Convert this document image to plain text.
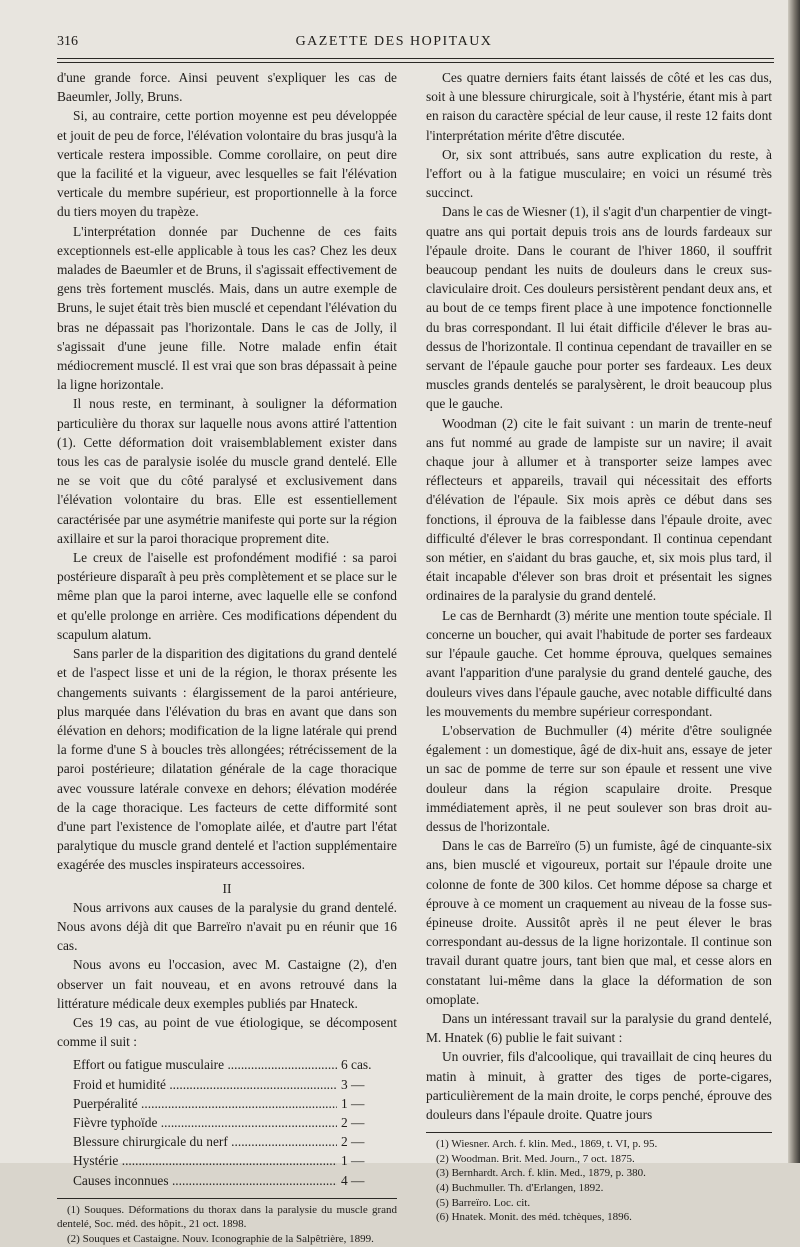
GAZETTE DES HOPITAUX
316

d'une grande force. Ainsi peuvent s'expliquer les cas de Baeumler, Jolly, Bruns.

Si, au contraire, cette portion moyenne est peu développée et jouit de peu de force, l'élévation volontaire du bras jusqu'à la verticale restera impossible. Comme corollaire, on peut dire que la facilité et la vigueur, avec lesquelles se fait l'élévation verticale du membre supérieur, est proportionnelle à la force du tiers moyen du trapèze.

L'interprétation donnée par Duchenne de ces faits exceptionnels est-elle applicable à tous les cas? Chez les deux malades de Baeumler et de Bruns, il s'agissait effectivement de gens très fortement musclés. Mais, dans un autre exemple de Bruns, le sujet était très bien musclé et cependant l'élévation du bras ne dépassait pas l'horizontale. Dans le cas de Jolly, il s'agissait d'une jeune fille. Notre malade enfin était médiocrement musclé. Il est vrai que son bras dépassait à peine la ligne horizontale.

Il nous reste, en terminant, à souligner la déformation particulière du thorax sur laquelle nous avons attiré l'attention (1). Cette déformation doit vraisemblablement exister dans tous les cas de paralysie isolée du muscle grand dentelé. Elle ne se voit que du côté paralysé et exclusivement dans l'élévation volontaire du bras. Elle est essentiellement caractérisée par une asymétrie manifeste qui porte sur la région axillaire et sur la paroi thoracique proprement dite.

Le creux de l'aiselle est profondément modifié : sa paroi postérieure disparaît à peu près complètement et se place sur le même plan que la paroi interne, avec laquelle elle se confond et qu'elle prolonge en arrière. Ces modifications dépendent du scapulum alatum.

Sans parler de la disparition des digitations du grand dentelé et de l'aspect lisse et uni de la région, le thorax présente les changements suivants : élargissement de la paroi antérieure, plus marquée dans l'élévation du bras en avant que dans son élévation en dehors; modification de la ligne latérale qui prend la forme d'une S à boucles très allongées; rétrécissement de la paroi postérieure; dilatation générale de la cage thoracique avec voussure latérale convexe en dehors; élévation modérée de la cage thoracique. Les facteurs de cette difformité sont d'une part l'existence de l'omoplate ailée, et d'autre part l'état paralytique du muscle grand dentelé et l'action supplémentaire exagérée des muscles inspirateurs accessoires.

II

Nous arrivons aux causes de la paralysie du grand dentelé. Nous avons déjà dit que Barreïro n'avait pu en réunir que 16 cas.

Nous avons eu l'occasion, avec M. Castaigne (2), d'en observer un fait nouveau, et en avons retrouvé dans la littérature médicale deux exemples publiés par Hnateck.

Ces 19 cas, au point de vue étiologique, se décomposent comme il suit :

Effort ou fatigue musculaire .....	6 cas.
Froid et humidité .....	3 —
Puerpéralité .....	1 —
Fièvre typhoïde .....	2 —
Blessure chirurgicale du nerf .....	2 —
Hystérie .....	1 —
Causes inconnues .....	4 —

(1) Souques. Déformations du thorax dans la paralysie du muscle grand dentelé, Soc. méd. des hôpit., 21 oct. 1898.

(2) Souques et Castaigne. Nouv. Iconographie de la Salpêtrière, 1899.

Ces quatre derniers faits étant laissés de côté et les cas dus, soit à une blessure chirurgicale, soit à l'hystérie, étant mis à part en raison du caractère spécial de leur cause, il reste 12 faits dont l'interprétation mérite d'être discutée.

Or, six sont attribués, sans autre explication du reste, à l'effort ou à la fatigue musculaire; en voici un résumé très succinct.

Dans le cas de Wiesner (1), il s'agit d'un charpentier de vingt-quatre ans qui portait depuis trois ans de lourds fardeaux sur l'épaule droite. Dans le courant de l'hiver 1860, il souffrit beaucoup pendant les nuits de douleurs dans le creux sus-claviculaire droit. Ces douleurs persistèrent pendant deux ans, et au bout de ce temps firent place à une impotence fonctionnelle du bras correspondant. Il lui était difficile d'élever le bras au-dessus de l'horizontale. Il continua cependant de travailler en se servant de l'épaule gauche pour porter ses fardeaux. Les deux muscles grands dentelés se paralysèrent, le droit beaucoup plus que le gauche.

Woodman (2) cite le fait suivant : un marin de trente-neuf ans fut nommé au grade de lampiste sur un navire; il avait chaque jour à allumer et à transporter seize lampes avec réflecteurs et appareils, travail qui nécessitait des efforts d'élévation de l'épaule. Six mois après ce début dans ses fonctions, il éprouva de la faiblesse dans l'épaule droite, avec difficulté d'élever le bras correspondant. Il continua cependant son métier, en s'aidant du bras gauche, et, six mois plus tard, il était incapable d'élever son bras droit et présentait les signes ordinaires de la paralysie du grand dentelé.

Le cas de Bernhardt (3) mérite une mention toute spéciale. Il concerne un boucher, qui avait l'habitude de porter ses fardeaux sur l'épaule gauche. Cet homme éprouva, quelques semaines avant l'apparition d'une paralysie du grand dentelé gauche, des douleurs vives dans l'épaule gauche, avec notable difficulté dans les mouvements du membre supérieur correspondant.

L'observation de Buchmuller (4) mérite d'être soulignée également : un domestique, âgé de dix-huit ans, essaye de jeter un sac de pomme de terre sur son épaule et ressent une vive douleur dans la région scapulaire droite. Presque immédiatement après, il ne peut soulever son bras droit au-dessus de l'horizontale.

Dans le cas de Barreïro (5) un fumiste, âgé de cinquante-six ans, bien musclé et vigoureux, portait sur l'épaule droite une colonne de fonte de 300 kilos. Cet homme dépose sa charge et éprouve à ce moment un craquement au niveau de la fosse sus-épineuse droite. Aussitôt après il ne peut élever le bras correspondant au-dessus de la ligne horizontale. Il continue son travail durant quatre jours, tant bien que mal, et cesse alors en constatant lui-même dans la glace la déformation de son omoplate.

Dans un intéressant travail sur la paralysie du grand dentelé, M. Hnatek (6) publie le fait suivant :

Un ouvrier, fils d'alcoolique, qui travaillait de cinq heures du matin à minuit, à gratter des tiges de porte-cigares, particulièrement de la main droite, le corps penché, éprouve des douleurs dans l'épaule droite. Quatre jours

(1) Wiesner. Arch. f. klin. Med., 1869, t. VI, p. 95.

(2) Woodman. Brit. Med. Journ., 7 oct. 1875.

(3) Bernhardt. Arch. f. klin. Med., 1879, p. 380.

(4) Buchmuller. Th. d'Erlangen, 1892.

(5) Barreïro. Loc. cit.

(6) Hnatek. Monit. des méd. tchèques, 1896.
